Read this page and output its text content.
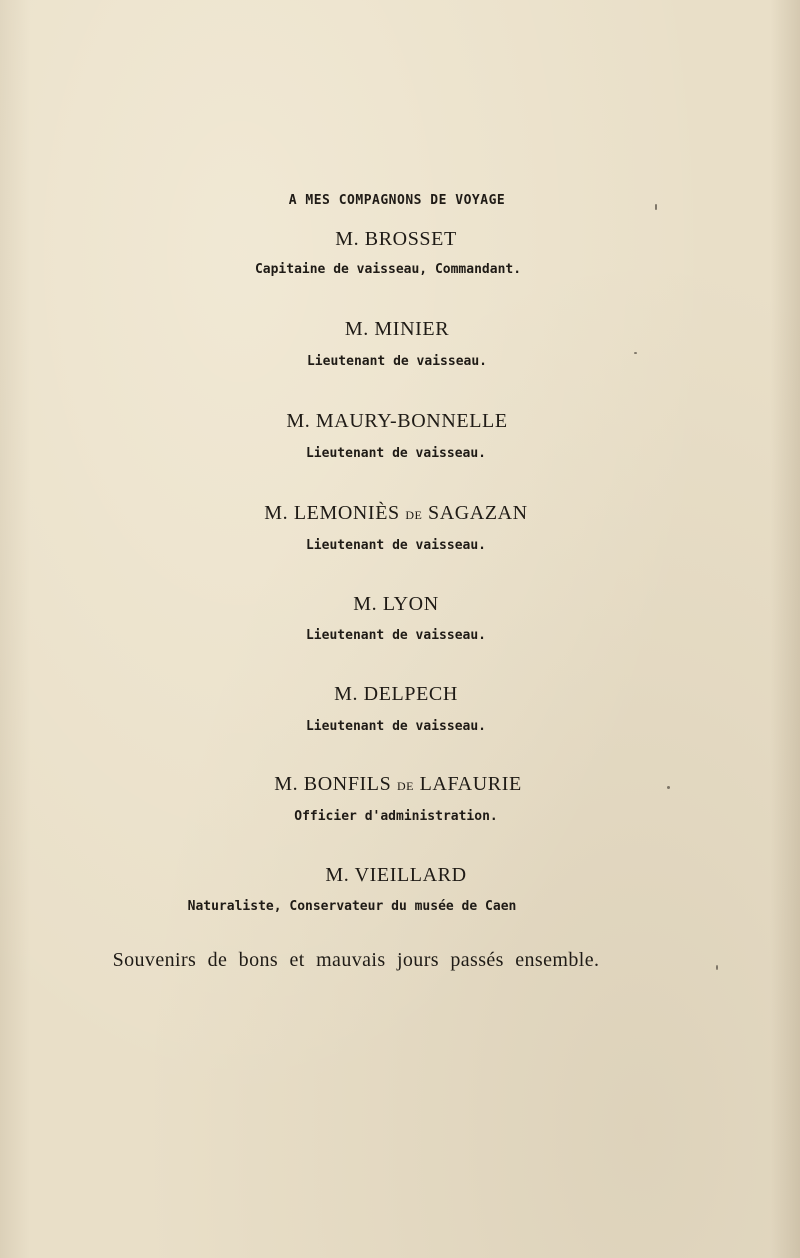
A MES COMPAGNONS DE VOYAGE
M. BROSSET
Capitaine de vaisseau, Commandant.
M. MINIER
Lieutenant de vaisseau.
M. MAURY-BONNELLE
Lieutenant de vaisseau.
M. LEMONIÈS DE SAGAZAN
Lieutenant de vaisseau.
M. LYON
Lieutenant de vaisseau.
M. DELPECH
Lieutenant de vaisseau.
M. BONFILS DE LAFAURIE
Officier d'administration.
M. VIEILLARD
Naturaliste, Conservateur du musée de Caen
Souvenirs de bons et mauvais jours passés ensemble.
